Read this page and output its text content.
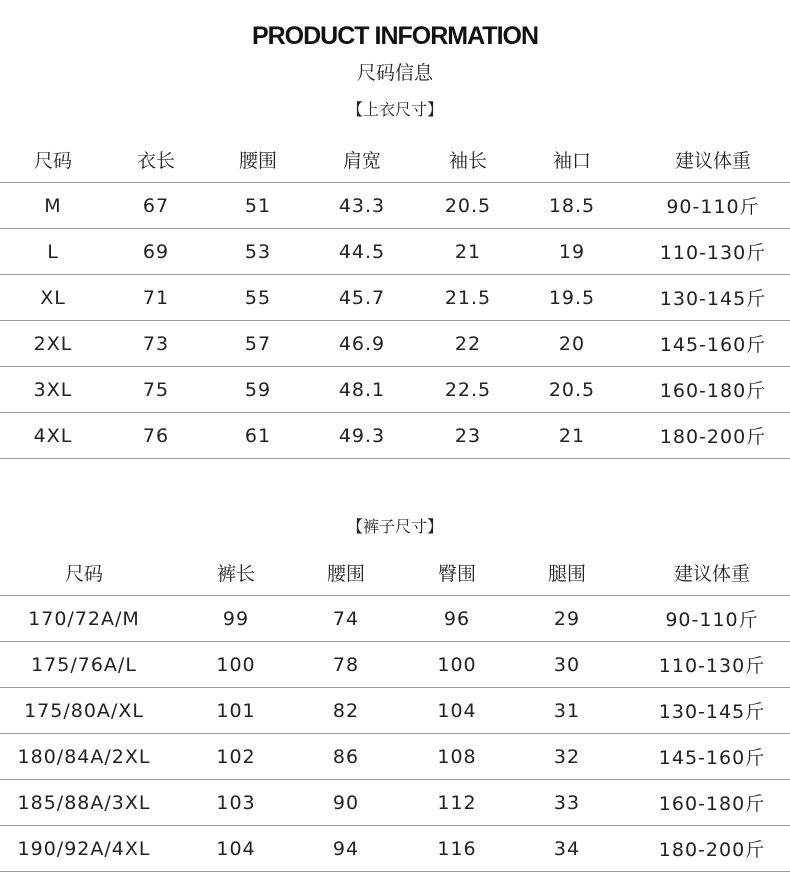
PRODUCT INFORMATION
尺码信息
【上衣尺寸】
尺码	衣长	腰围	肩宽	袖长	袖口	建议体重
M	67	51	43.3	20.5	18.5	90-110斤
L	69	53	44.5	21	19	110-130斤
XL	71	55	45.7	21.5	19.5	130-145斤
2XL	73	57	46.9	22	20	145-160斤
3XL	75	59	48.1	22.5	20.5	160-180斤
4XL	76	61	49.3	23	21	180-200斤
【裤子尺寸】
尺码	裤长	腰围	臀围	腿围	建议体重
170/72A/M	99	74	96	29	90-110斤
175/76A/L	100	78	100	30	110-130斤
175/80A/XL	101	82	104	31	130-145斤
180/84A/2XL	102	86	108	32	145-160斤
185/88A/3XL	103	90	112	33	160-180斤
190/92A/4XL	104	94	116	34	180-200斤
